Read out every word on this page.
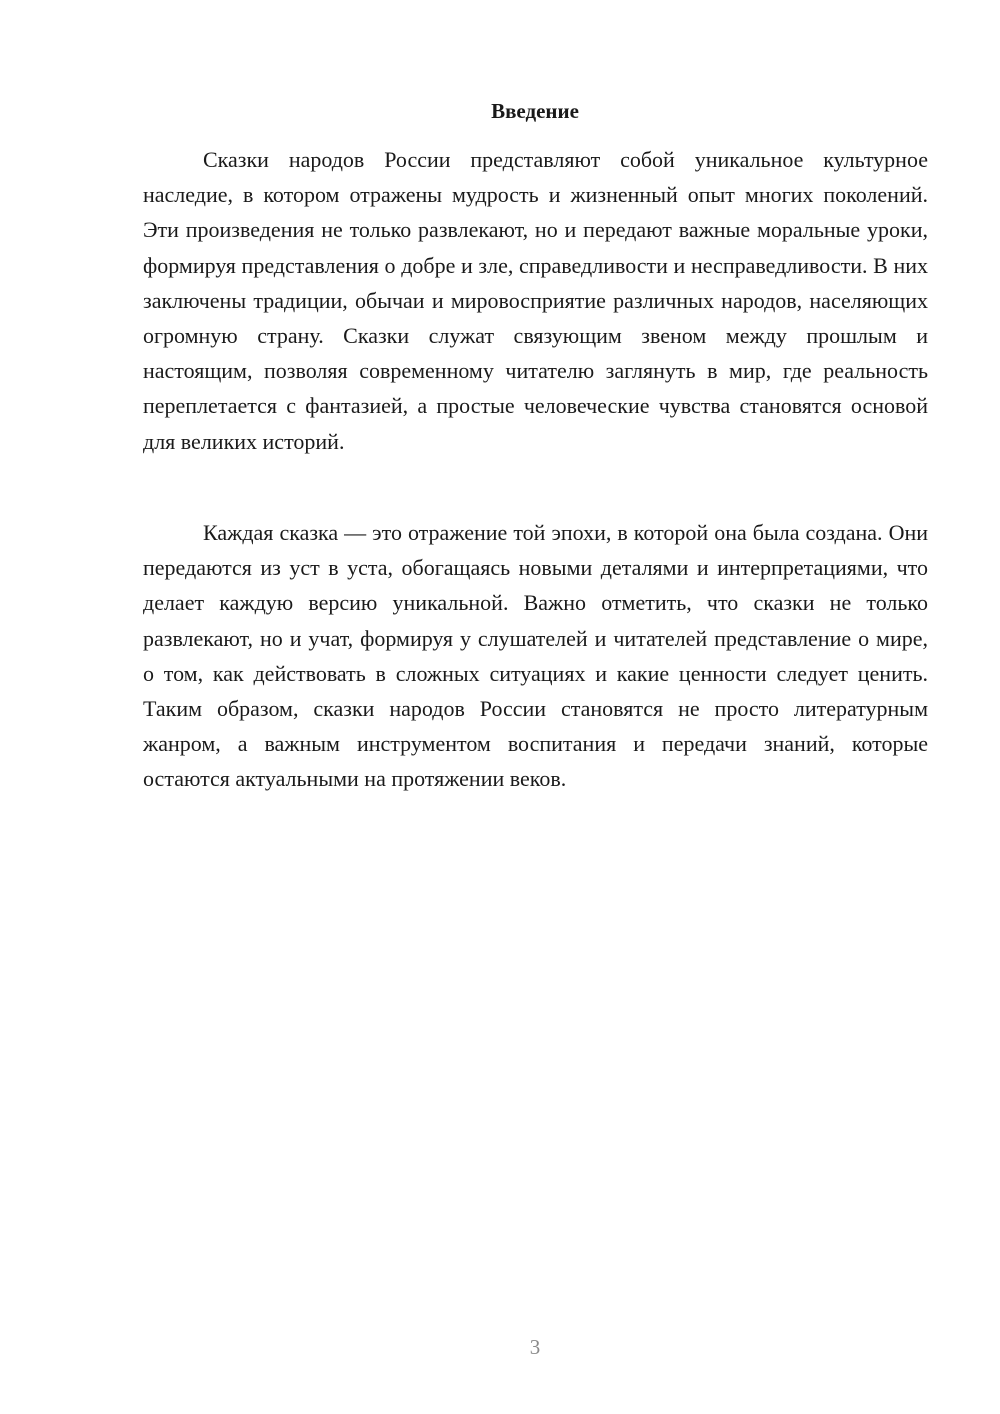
Введение

Сказки народов России представляют собой уникальное культурное наследие, в котором отражены мудрость и жизненный опыт многих поколений. Эти произведения не только развлекают, но и передают важные моральные уроки, формируя представления о добре и зле, справедливости и несправедливости. В них заключены традиции, обычаи и мировосприятие различных народов, населяющих огромную страну. Сказки служат связующим звеном между прошлым и настоящим, позволяя современному читателю заглянуть в мир, где реальность переплетается с фантазией, а простые человеческие чувства становятся основой для великих историй.

Каждая сказка — это отражение той эпохи, в которой она была создана. Они передаются из уст в уста, обогащаясь новыми деталями и интерпретациями, что делает каждую версию уникальной. Важно отметить, что сказки не только развлекают, но и учат, формируя у слушателей и читателей представление о мире, о том, как действовать в сложных ситуациях и какие ценности следует ценить. Таким образом, сказки народов России становятся не просто литературным жанром, а важным инструментом воспитания и передачи знаний, которые остаются актуальными на протяжении веков.

3
